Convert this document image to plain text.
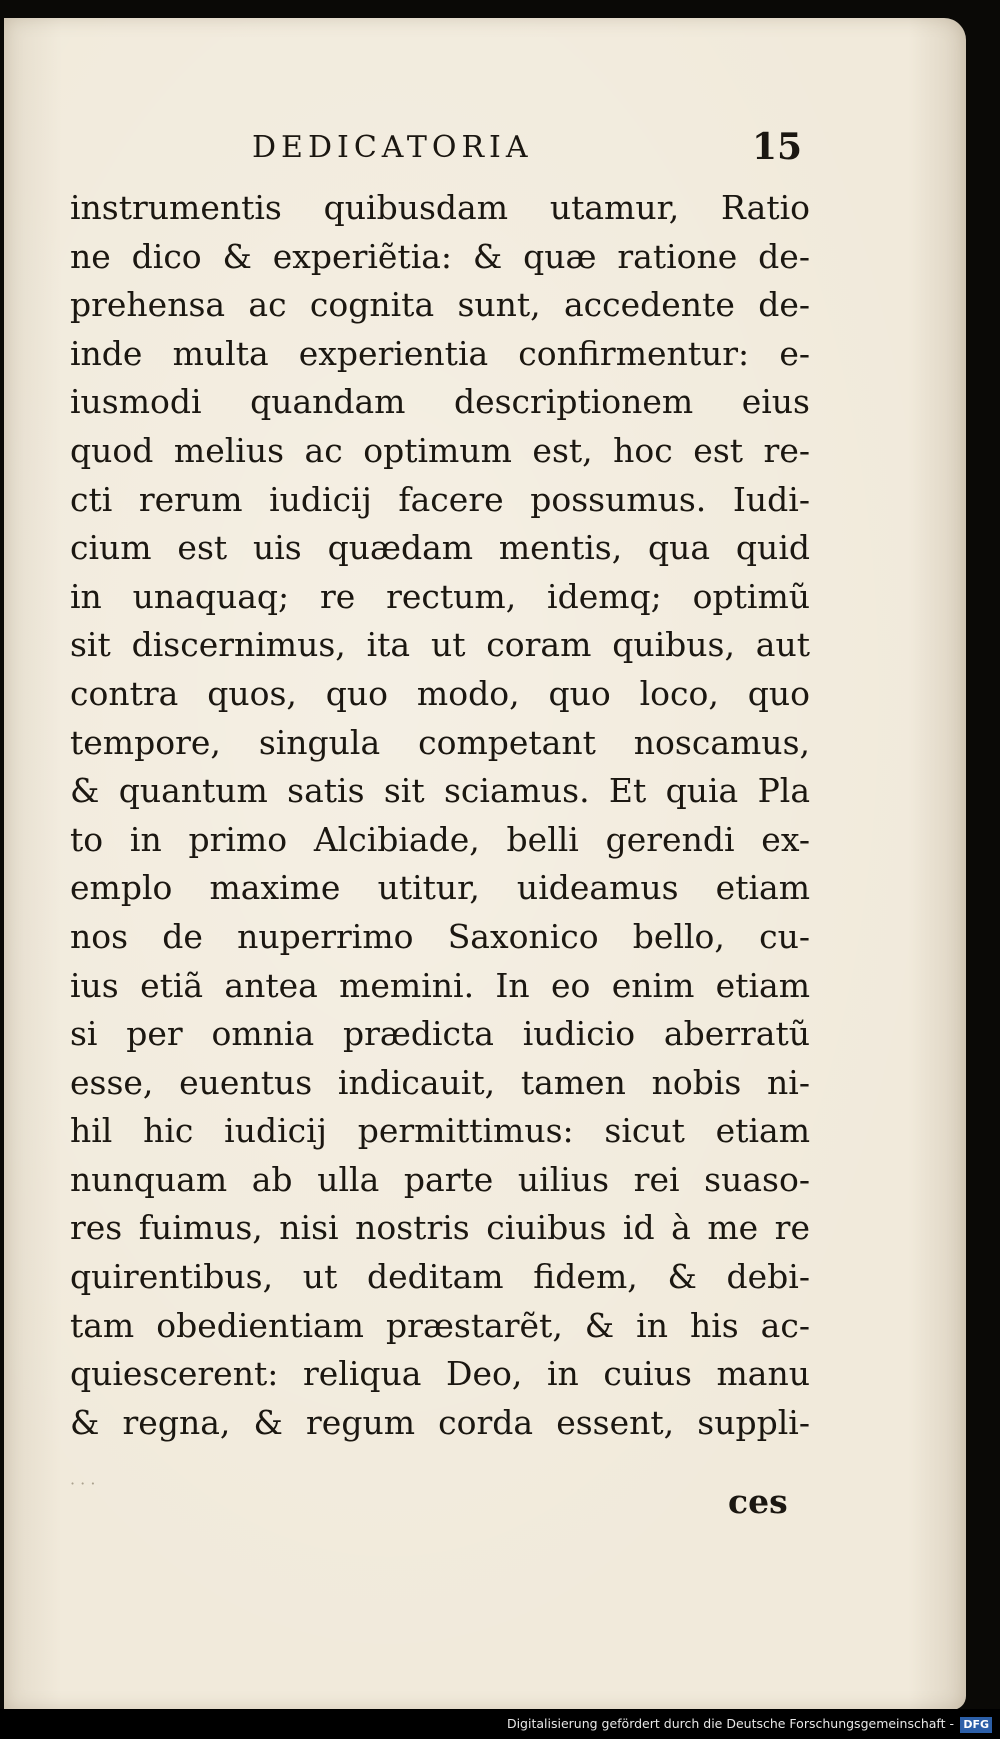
DEDICATORIA	15
instrumentis quibusdam utamur, Ratio
ne dico & experiẽtia: & quæ ratione de-
prehensa ac cognita sunt, accedente de-
inde multa experientia confirmentur: e-
iusmodi quandam descriptionem eius
quod melius ac optimum est, hoc est re-
cti rerum iudicij facere possumus. Iudi-
cium est uis quædam mentis, qua quid
in unaquaq; re rectum, idemq; optimũ
sit discernimus, ita ut coram quibus, aut
contra quos, quo modo, quo loco, quo
tempore, singula competant noscamus,
& quantum satis sit sciamus. Et quia Pla
to in primo Alcibiade, belli gerendi ex-
emplo maxime utitur, uideamus etiam
nos de nuperrimo Saxonico bello, cu-
ius etiã antea memini. In eo enim etiam
si per omnia prædicta iudicio aberratũ
esse, euentus indicauit, tamen nobis ni-
hil hic iudicij permittimus: sicut etiam
nunquam ab ulla parte uilius rei suaso-
res fuimus, nisi nostris ciuibus id à me re
quirentibus, ut deditam fidem, & debi-
tam obedientiam præstarẽt, & in his ac-
quiescerent: reliqua Deo, in cuius manu
& regna, & regum corda essent, suppli-
· · ·	ces
Digitalisierung gefördert durch die Deutsche Forschungsgemeinschaft - DFG
